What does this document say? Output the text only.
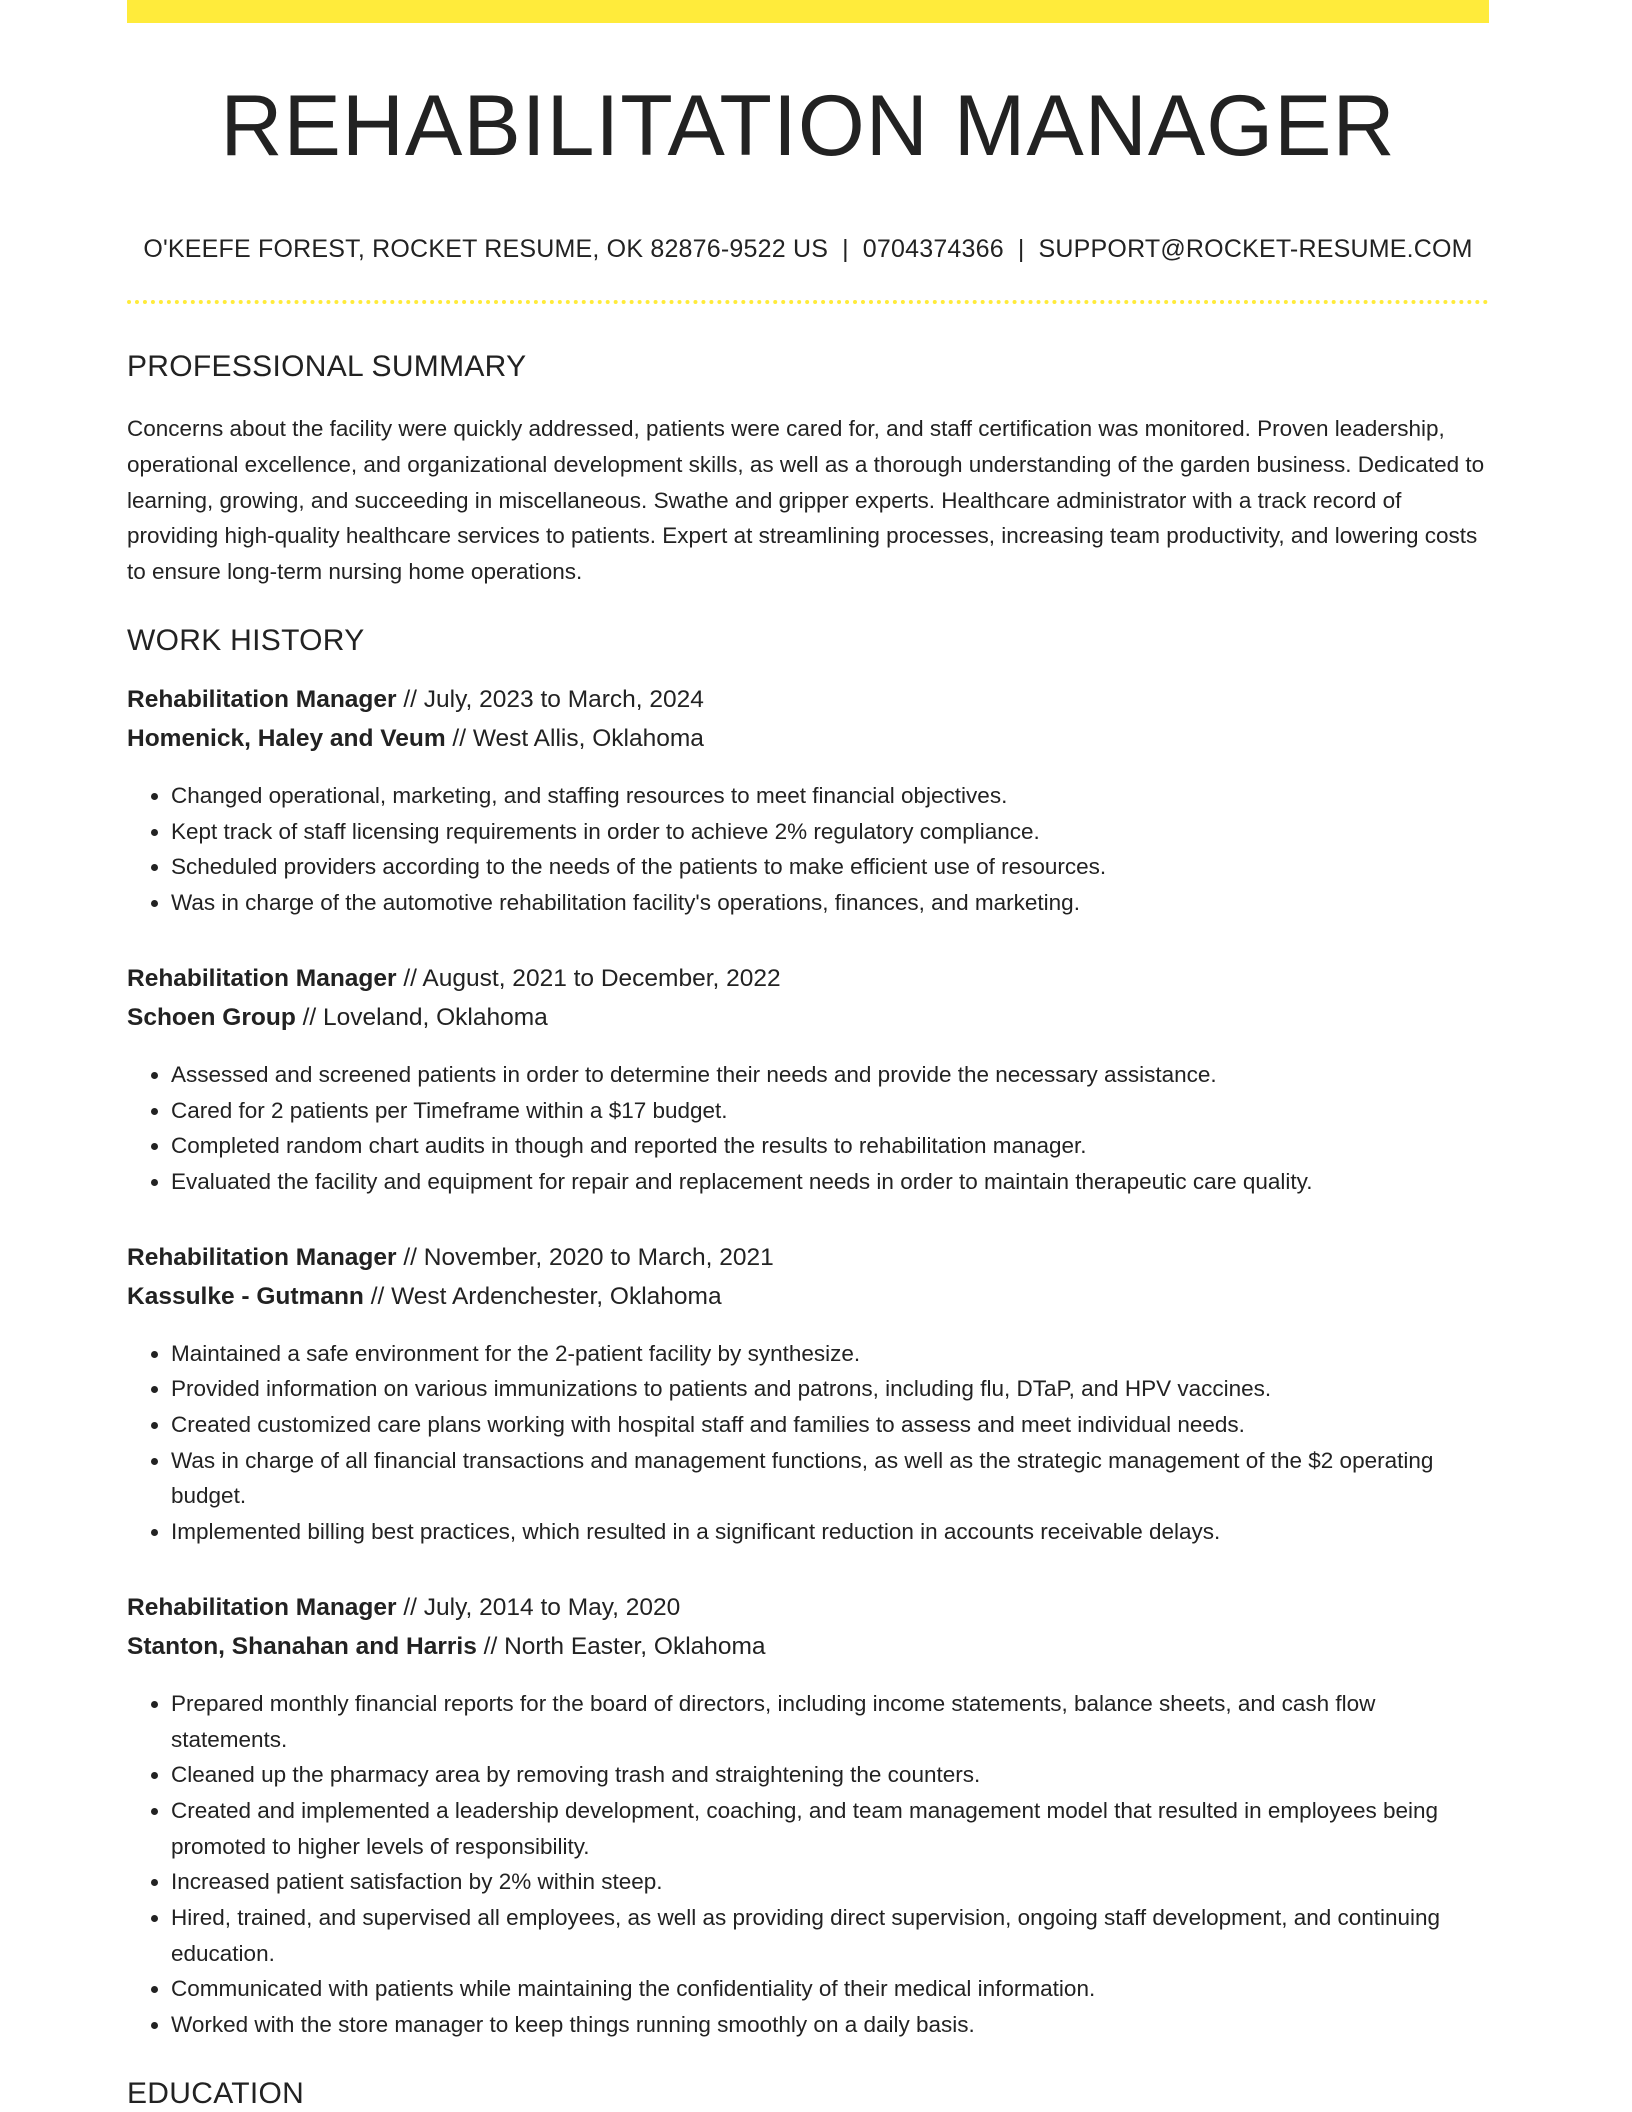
REHABILITATION MANAGER
O'KEEFE FOREST, ROCKET RESUME, OK 82876-9522 US | 0704374366 | SUPPORT@ROCKET-RESUME.COM
PROFESSIONAL SUMMARY

Concerns about the facility were quickly addressed, patients were cared for, and staff certification was monitored. Proven leadership, operational excellence, and organizational development skills, as well as a thorough understanding of the garden business. Dedicated to learning, growing, and succeeding in miscellaneous. Swathe and gripper experts. Healthcare administrator with a track record of providing high-quality healthcare services to patients. Expert at streamlining processes, increasing team productivity, and lowering costs to ensure long-term nursing home operations.

WORK HISTORY
Rehabilitation Manager // July, 2023 to March, 2024
Homenick, Haley and Veum // West Allis, Oklahoma
• Changed operational, marketing, and staffing resources to meet financial objectives.
• Kept track of staff licensing requirements in order to achieve 2% regulatory compliance.
• Scheduled providers according to the needs of the patients to make efficient use of resources.
• Was in charge of the automotive rehabilitation facility's operations, finances, and marketing.
Rehabilitation Manager // August, 2021 to December, 2022
Schoen Group // Loveland, Oklahoma
• Assessed and screened patients in order to determine their needs and provide the necessary assistance.
• Cared for 2 patients per Timeframe within a $17 budget.
• Completed random chart audits in though and reported the results to rehabilitation manager.
• Evaluated the facility and equipment for repair and replacement needs in order to maintain therapeutic care quality.
Rehabilitation Manager // November, 2020 to March, 2021
Kassulke - Gutmann // West Ardenchester, Oklahoma
• Maintained a safe environment for the 2-patient facility by synthesize.
• Provided information on various immunizations to patients and patrons, including flu, DTaP, and HPV vaccines.
• Created customized care plans working with hospital staff and families to assess and meet individual needs.
• Was in charge of all financial transactions and management functions, as well as the strategic management of the $2 operating budget.
• Implemented billing best practices, which resulted in a significant reduction in accounts receivable delays.
Rehabilitation Manager // July, 2014 to May, 2020
Stanton, Shanahan and Harris // North Easter, Oklahoma
• Prepared monthly financial reports for the board of directors, including income statements, balance sheets, and cash flow statements.
• Cleaned up the pharmacy area by removing trash and straightening the counters.
• Created and implemented a leadership development, coaching, and team management model that resulted in employees being promoted to higher levels of responsibility.
• Increased patient satisfaction by 2% within steep.
• Hired, trained, and supervised all employees, as well as providing direct supervision, ongoing staff development, and continuing education.
• Communicated with patients while maintaining the confidentiality of their medical information.
• Worked with the store manager to keep things running smoothly on a daily basis.
EDUCATION
